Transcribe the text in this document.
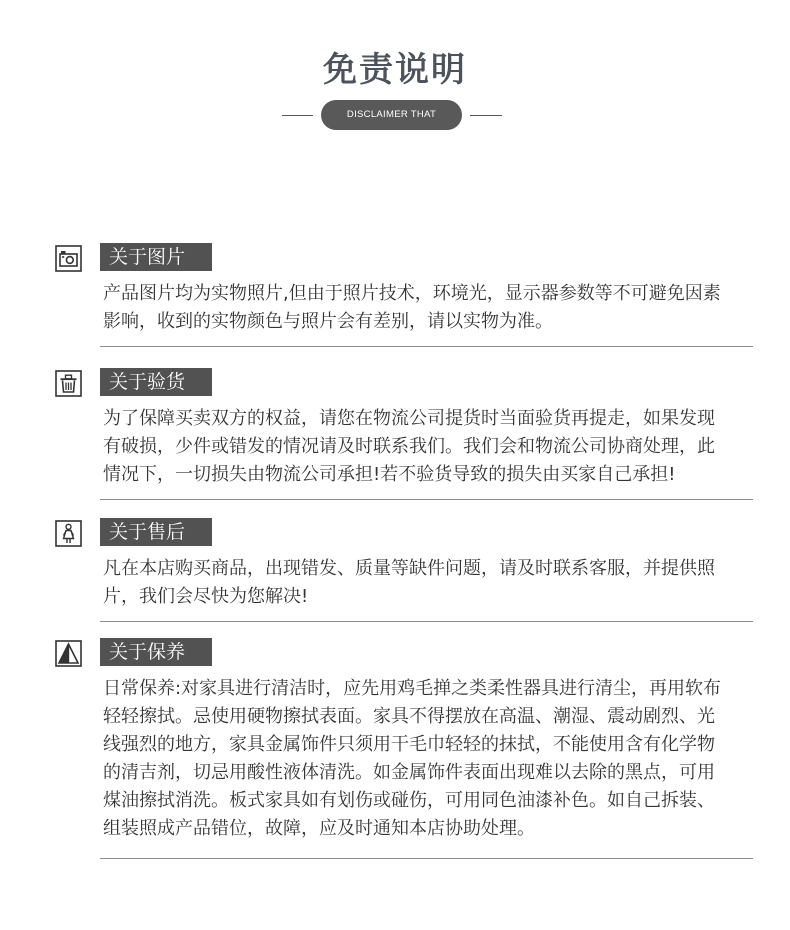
免责说明
DISCLAIMER THAT
关于图片
产品图片均为实物照片,但由于照片技术，环境光，显示器参数等不可避免因素
影响，收到的实物颜色与照片会有差别，请以实物为准。
关于验货
为了保障买卖双方的权益，请您在物流公司提货时当面验货再提走，如果发现
有破损，少件或错发的情况请及时联系我们。我们会和物流公司协商处理，此
情况下，一切损失由物流公司承担!若不验货导致的损失由买家自己承担!
关于售后
凡在本店购买商品，出现错发、质量等缺件问题，请及时联系客服，并提供照
片，我们会尽快为您解决!
关于保养
日常保养:对家具进行清洁时，应先用鸡毛掸之类柔性器具进行清尘，再用软布
轻轻擦拭。忌使用硬物擦拭表面。家具不得摆放在高温、潮湿、震动剧烈、光
线强烈的地方，家具金属饰件只须用干毛巾轻轻的抹拭，不能使用含有化学物
的清吉剂，切忌用酸性液体清洗。如金属饰件表面出现难以去除的黑点，可用
煤油擦拭消洗。板式家具如有划伤或碰伤，可用同色油漆补色。如自己拆装、
组装照成产品错位，故障，应及时通知本店协助处理。
